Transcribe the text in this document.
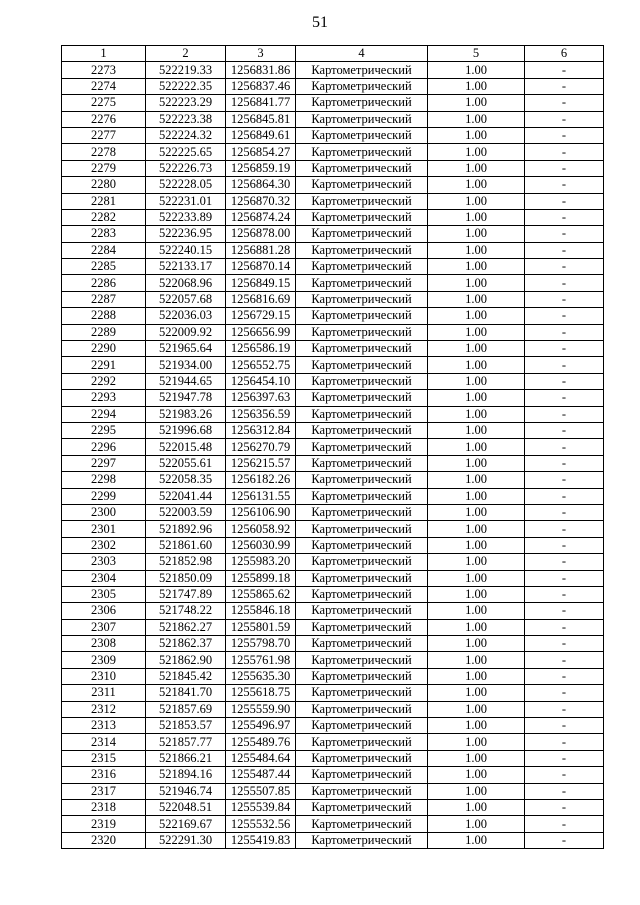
51
1	2	3	4	5	6
2273	522219.33	1256831.86	Картометрический	1.00	-
2274	522222.35	1256837.46	Картометрический	1.00	-
2275	522223.29	1256841.77	Картометрический	1.00	-
2276	522223.38	1256845.81	Картометрический	1.00	-
2277	522224.32	1256849.61	Картометрический	1.00	-
2278	522225.65	1256854.27	Картометрический	1.00	-
2279	522226.73	1256859.19	Картометрический	1.00	-
2280	522228.05	1256864.30	Картометрический	1.00	-
2281	522231.01	1256870.32	Картометрический	1.00	-
2282	522233.89	1256874.24	Картометрический	1.00	-
2283	522236.95	1256878.00	Картометрический	1.00	-
2284	522240.15	1256881.28	Картометрический	1.00	-
2285	522133.17	1256870.14	Картометрический	1.00	-
2286	522068.96	1256849.15	Картометрический	1.00	-
2287	522057.68	1256816.69	Картометрический	1.00	-
2288	522036.03	1256729.15	Картометрический	1.00	-
2289	522009.92	1256656.99	Картометрический	1.00	-
2290	521965.64	1256586.19	Картометрический	1.00	-
2291	521934.00	1256552.75	Картометрический	1.00	-
2292	521944.65	1256454.10	Картометрический	1.00	-
2293	521947.78	1256397.63	Картометрический	1.00	-
2294	521983.26	1256356.59	Картометрический	1.00	-
2295	521996.68	1256312.84	Картометрический	1.00	-
2296	522015.48	1256270.79	Картометрический	1.00	-
2297	522055.61	1256215.57	Картометрический	1.00	-
2298	522058.35	1256182.26	Картометрический	1.00	-
2299	522041.44	1256131.55	Картометрический	1.00	-
2300	522003.59	1256106.90	Картометрический	1.00	-
2301	521892.96	1256058.92	Картометрический	1.00	-
2302	521861.60	1256030.99	Картометрический	1.00	-
2303	521852.98	1255983.20	Картометрический	1.00	-
2304	521850.09	1255899.18	Картометрический	1.00	-
2305	521747.89	1255865.62	Картометрический	1.00	-
2306	521748.22	1255846.18	Картометрический	1.00	-
2307	521862.27	1255801.59	Картометрический	1.00	-
2308	521862.37	1255798.70	Картометрический	1.00	-
2309	521862.90	1255761.98	Картометрический	1.00	-
2310	521845.42	1255635.30	Картометрический	1.00	-
2311	521841.70	1255618.75	Картометрический	1.00	-
2312	521857.69	1255559.90	Картометрический	1.00	-
2313	521853.57	1255496.97	Картометрический	1.00	-
2314	521857.77	1255489.76	Картометрический	1.00	-
2315	521866.21	1255484.64	Картометрический	1.00	-
2316	521894.16	1255487.44	Картометрический	1.00	-
2317	521946.74	1255507.85	Картометрический	1.00	-
2318	522048.51	1255539.84	Картометрический	1.00	-
2319	522169.67	1255532.56	Картометрический	1.00	-
2320	522291.30	1255419.83	Картометрический	1.00	-
